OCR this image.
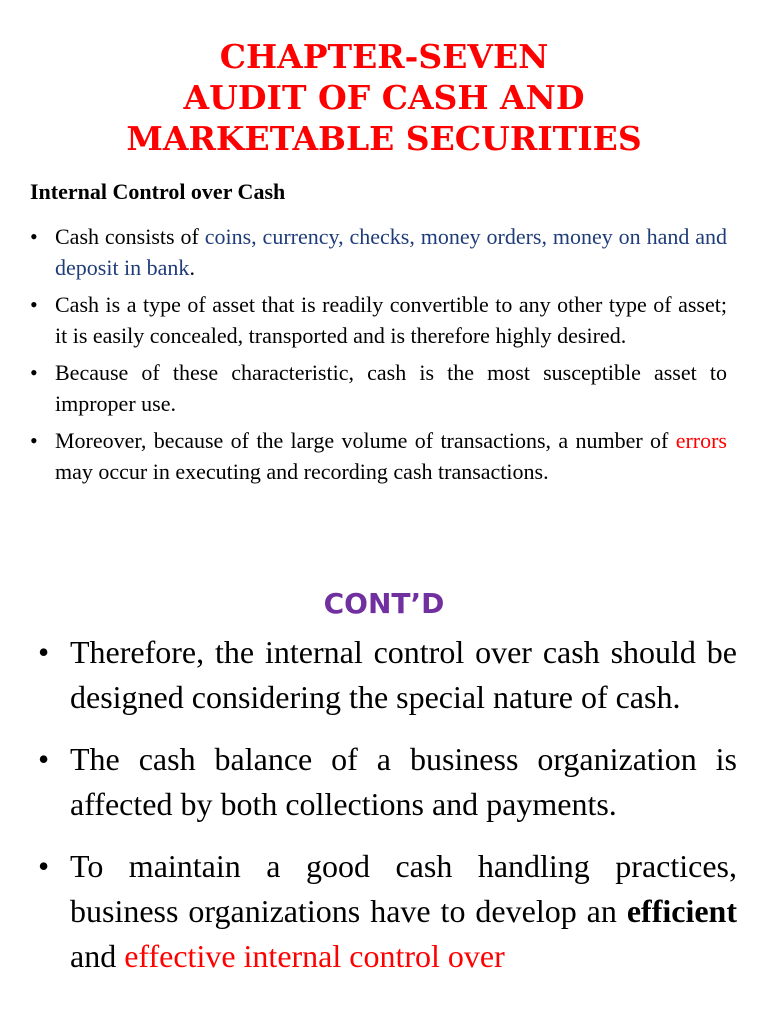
CHAPTER-SEVEN
AUDIT OF CASH AND
MARKETABLE SECURITIES
Internal Control over Cash
• Cash consists of coins, currency, checks, money orders, money on hand and deposit in bank.
• Cash is a type of asset that is readily convertible to any other type of asset; it is easily concealed, transported and is therefore highly desired.
• Because of these characteristic, cash is the most susceptible asset to improper use.
• Moreover, because of the large volume of transactions, a number of errors may occur in executing and recording cash transactions.
CONT’D
• Therefore, the internal control over cash should be designed considering the special nature of cash.
• The cash balance of a business organization is affected by both collections and payments.
• To maintain a good cash handling practices, business organizations have to develop an efficient and effective internal control over
